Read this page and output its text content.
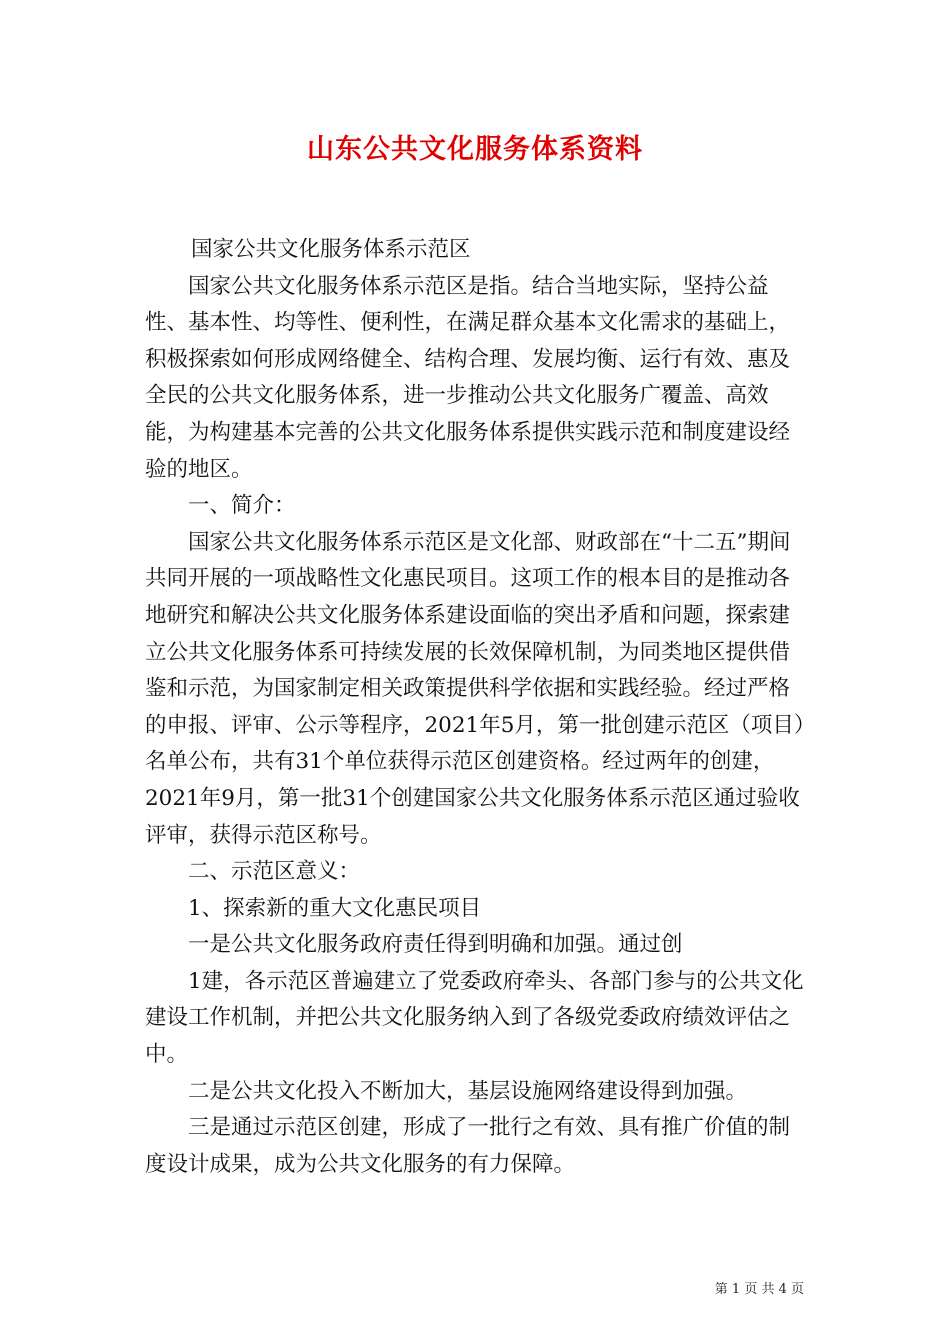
山东公共文化服务体系资料

国家公共文化服务体系示范区

国家公共文化服务体系示范区是指。结合当地实际，坚持公益性、基本性、均等性、便利性，在满足群众基本文化需求的基础上，积极探索如何形成网络健全、结构合理、发展均衡、运行有效、惠及全民的公共文化服务体系，进一步推动公共文化服务广覆盖、高效能，为构建基本完善的公共文化服务体系提供实践示范和制度建设经验的地区。

一、简介：

国家公共文化服务体系示范区是文化部、财政部在“十二五”期间共同开展的一项战略性文化惠民项目。这项工作的根本目的是推动各地研究和解决公共文化服务体系建设面临的突出矛盾和问题，探索建立公共文化服务体系可持续发展的长效保障机制，为同类地区提供借鉴和示范，为国家制定相关政策提供科学依据和实践经验。经过严格的申报、评审、公示等程序，2021年5月，第一批创建示范区（项目）名单公布，共有31个单位获得示范区创建资格。经过两年的创建，2021年9月，第一批31个创建国家公共文化服务体系示范区通过验收评审，获得示范区称号。

二、示范区意义：

1、探索新的重大文化惠民项目

一是公共文化服务政府责任得到明确和加强。通过创

1建，各示范区普遍建立了党委政府牵头、各部门参与的公共文化建设工作机制，并把公共文化服务纳入到了各级党委政府绩效评估之中。

二是公共文化投入不断加大，基层设施网络建设得到加强。

三是通过示范区创建，形成了一批行之有效、具有推广价值的制度设计成果，成为公共文化服务的有力保障。

第 1 页 共 4 页
